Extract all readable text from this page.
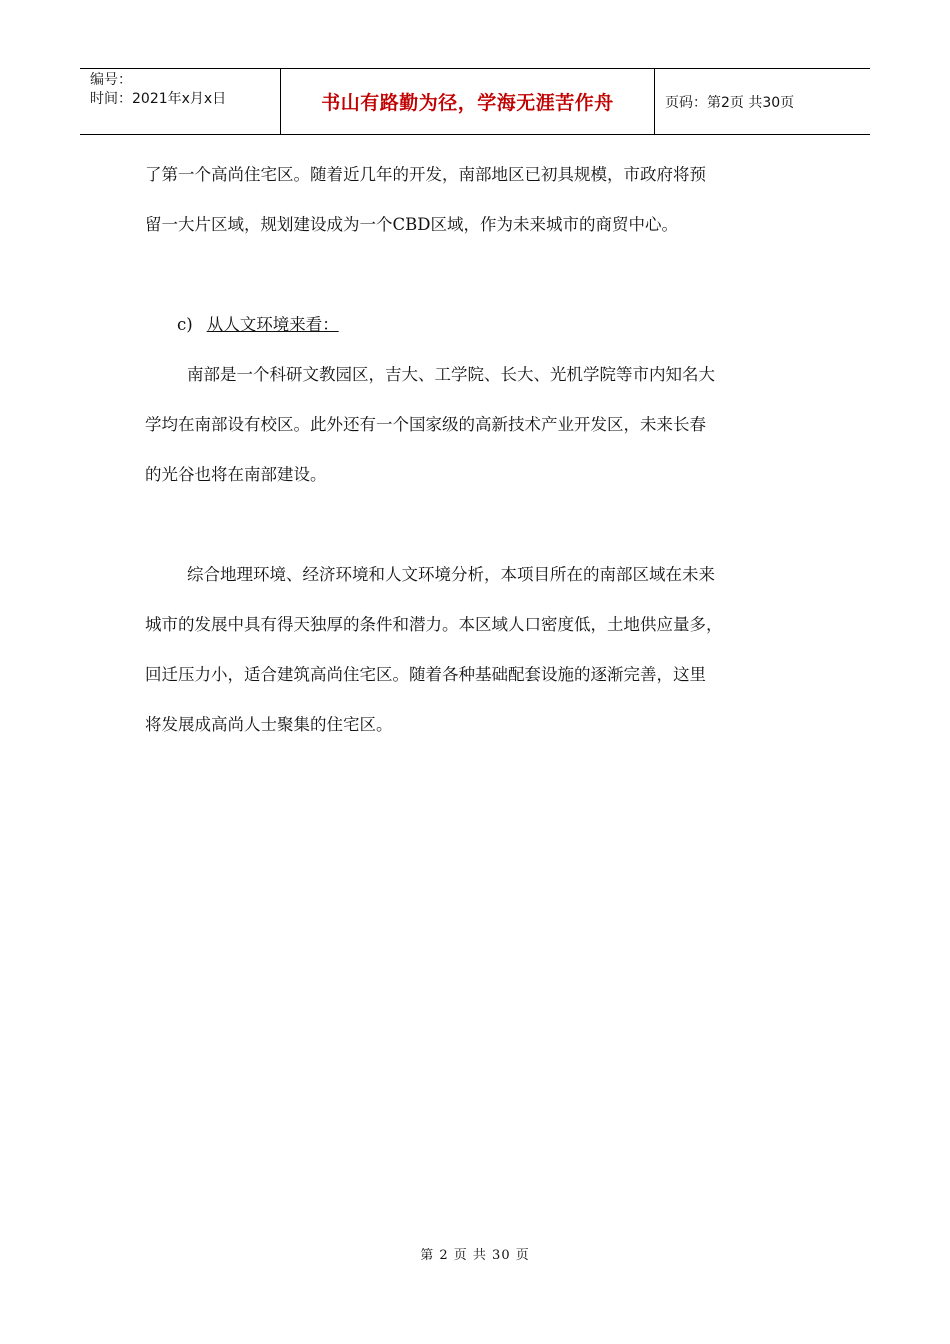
编号：
时间：2021年x月x日	书山有路勤为径，学海无涯苦作舟	页码：第2页 共30页
了第一个高尚住宅区。随着近几年的开发，南部地区已初具规模，市政府将预
留一大片区域，规划建设成为一个CBD区域，作为未来城市的商贸中心。
c) 从人文环境来看：
南部是一个科研文教园区，吉大、工学院、长大、光机学院等市内知名大
学均在南部设有校区。此外还有一个国家级的高新技术产业开发区，未来长春
的光谷也将在南部建设。
综合地理环境、经济环境和人文环境分析，本项目所在的南部区域在未来
城市的发展中具有得天独厚的条件和潜力。本区域人口密度低，土地供应量多，
回迁压力小，适合建筑高尚住宅区。随着各种基础配套设施的逐渐完善，这里
将发展成高尚人士聚集的住宅区。
第 2 页 共 30 页
